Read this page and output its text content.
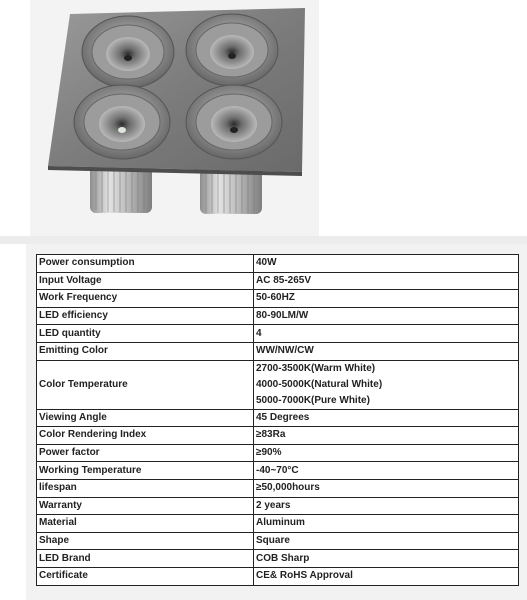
Power consumption	40W

Input Voltage	AC 85-265V

Work Frequency	50-60HZ

LED efficiency	80-90LM/W

LED quantity	4

Emitting Color	WW/NW/CW

Color Temperature	2700-3500K(Warm White)
4000-5000K(Natural White)
5000-7000K(Pure White)

Viewing Angle	45 Degrees

Color Rendering Index	≥83Ra

Power factor	≥90%

Working Temperature	-40~70°C

lifespan	≥50,000hours

Warranty	2 years

Material	Aluminum

Shape	Square

LED Brand	COB Sharp

Certificate	CE& RoHS Approval
